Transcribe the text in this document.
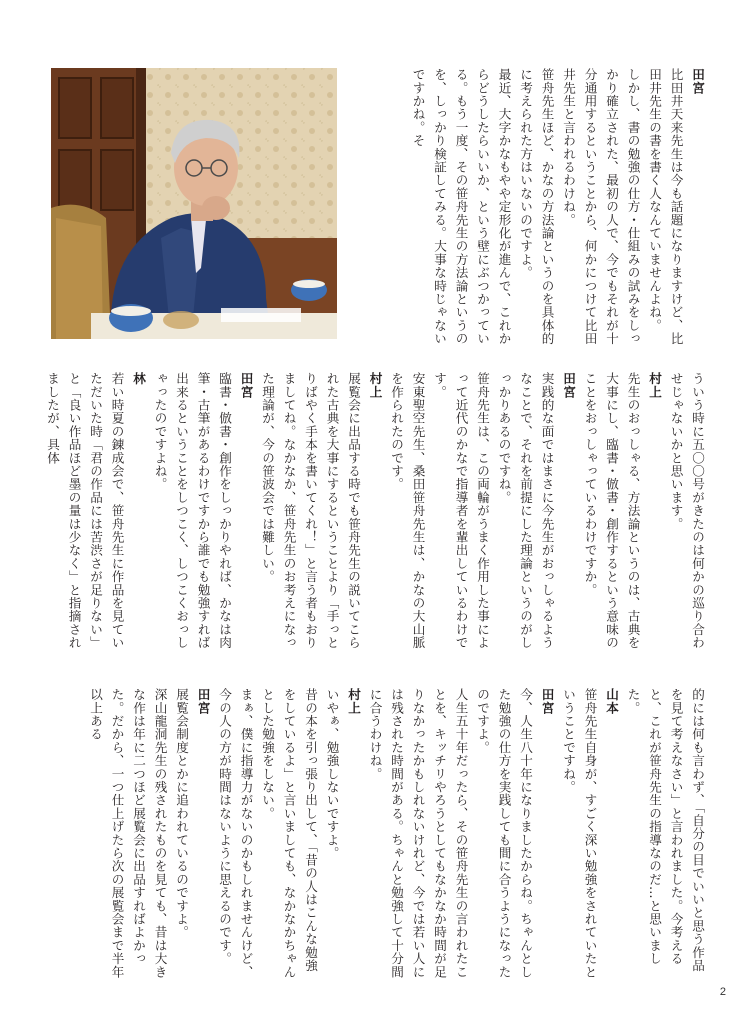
田宮
比田井天来先生は今も話題になりますけど、比田井先生の書を書く人なんていませんよね。
しかし、書の勉強の仕方・仕組みの試みをしっかり確立された、最初の人で、今でもそれが十分通用するということから、何かにつけて比田井先生と言われるわけね。
笹舟先生ほど、かなの方法論というのを具体的に考えられた方はいないのですよ。
最近、大字かなもやや定形化が進んで、これからどうしたらいいか、という壁にぶつかっている。もう一度、その笹舟先生の方法論というのを、しっかり検証してみる。大事な時じゃないですかね。そ
ういう時に五〇〇号がきたのは何かの巡り合わせじゃないかと思います。
村上
先生のおっしゃる、方法論というのは、古典を大事にし、臨書・倣書・創作するという意味のことをおっしゃっているわけですか。
田宮
実践的な面ではまさに今先生がおっしゃるようなことで、それを前提にした理論というのがしっかりあるのですね。
笹舟先生は、この両輪がうまく作用した事によって近代のかなで指導者を輩出しているわけです。
安東聖空先生、桑田笹舟先生は、かなの大山脈を作られたのです。
村上
展覧会に出品する時でも笹舟先生の説いてこられた古典を大事にするということより「手っとりばやく手本を書いてくれ！」と言う者もおりましてね。なかなか、笹舟先生のお考えになった理論が、今の笹波会では難しい。
田宮
臨書・倣書・創作をしっかりやれば、かなは肉筆・古筆があるわけですから誰でも勉強すれば出来るということをしつこく、しつこくおっしゃったのですよね。
林
若い時夏の錬成会で、笹舟先生に作品を見ていただいた時「君の作品には苦渋さが足りない」と「良い作品ほど墨の量は少なく」と指摘されましたが、具体
的には何も言わず、「自分の目でいいと思う作品を見て考えなさい」と言われました。今考えると、これが笹舟先生の指導なのだ…と思いました。
山本
笹舟先生自身が、すごく深い勉強をされていたということですね。
田宮
今、人生八十年になりましたからね。ちゃんとした勉強の仕方を実践しても間に合うようになったのですよ。
人生五十年だったら、その笹舟先生の言われたことを、キッチリやろうとしてもなかなか時間が足りなかったかもしれないけれど、今では若い人には残された時間がある。ちゃんと勉強して十分間に合うわけね。
村上
いやぁ、勉強しないですよ。
昔の本を引っ張り出して、「昔の人はこんな勉強をしているよ」と言いましても、なかなかちゃんとした勉強をしない。
まぁ、僕に指導力がないのかもしれませんけど、今の人の方が時間はないように思えるのです。
田宮
展覧会制度とかに追われているのですよ。
深山龍洞先生の残されたものを見ても、昔は大きな作は年に二つほど展覧会に出品すればよかった。だから、一つ仕上げたら次の展覧会まで半年以上ある
2
